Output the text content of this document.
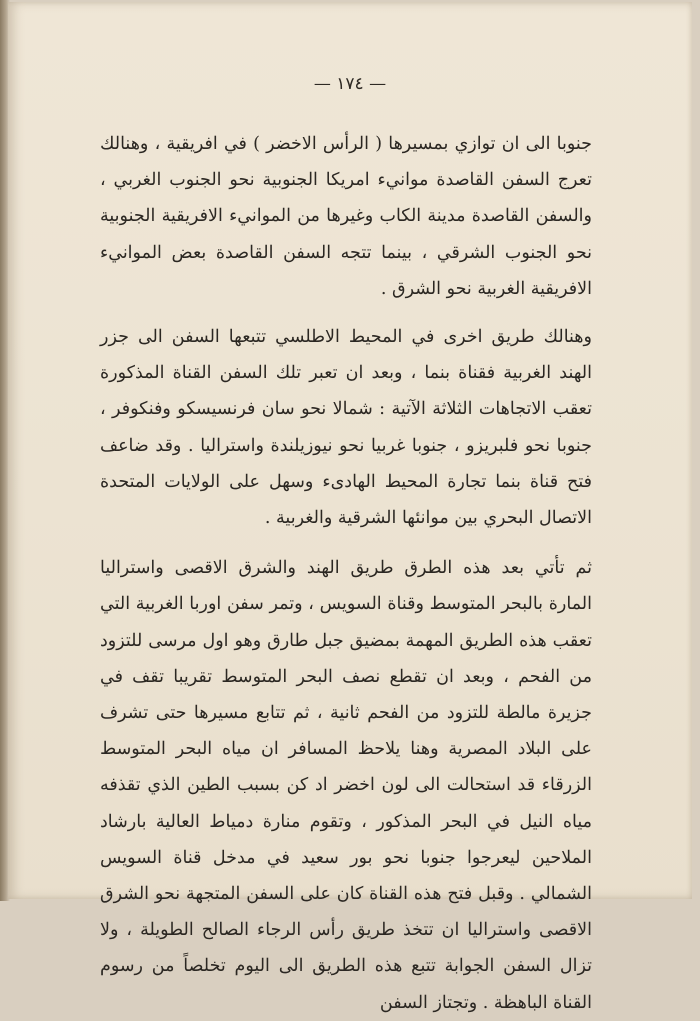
— ١٧٤ —

جنوبا الى ان توازي بمسيرها ( الرأس الاخضر ) في افريقية ، وهنالك تعرج السفن القاصدة موانيء امريكا الجنوبية نحو الجنوب الغربي ، والسفن القاصدة مدينة الكاب وغيرها من الموانيء الافريقية الجنوبية نحو الجنوب الشرقي ، بينما تتجه السفن القاصدة بعض الموانيء الافريقية الغربية نحو الشرق .

وهنالك طريق اخرى في المحيط الاطلسي تتبعها السفن الى جزر الهند الغربية فقناة بنما ، وبعد ان تعبر تلك السفن القناة المذكورة تعقب الاتجاهات الثلاثة الآتية : شمالا نحو سان فرنسيسكو وفنكوفر ، جنوبا نحو فلبريزو ، جنوبا غربيا نحو نيوزيلندة واستراليا . وقد ضاعف فتح قناة بنما تجارة المحيط الهادىء وسهل على الولايات المتحدة الاتصال البحري بين موانئها الشرقية والغربية .

ثم تأتي بعد هذه الطرق طريق الهند والشرق الاقصى واستراليا المارة بالبحر المتوسط وقناة السويس ، وتمر سفن اوربا الغربية التي تعقب هذه الطريق المهمة بمضيق جبل طارق وهو اول مرسى للتزود من الفحم ، وبعد ان تقطع نصف البحر المتوسط تقريبا تقف في جزيرة مالطة للتزود من الفحم ثانية ، ثم تتابع مسيرها حتى تشرف على البلاد المصرية وهنا يلاحظ المسافر ان مياه البحر المتوسط الزرقاء قد استحالت الى لون اخضر اد كن بسبب الطين الذي تقذفه مياه النيل في البحر المذكور ، وتقوم منارة دمياط العالية بارشاد الملاحين ليعرجوا جنوبا نحو بور سعيد في مدخل قناة السويس الشمالي . وقبل فتح هذه القناة كان على السفن المتجهة نحو الشرق الاقصى واستراليا ان تتخذ طريق رأس الرجاء الصالح الطويلة ، ولا تزال السفن الجوابة تتبع هذه الطريق الى اليوم تخلصاً من رسوم القناة الباهظة . وتجتاز السفن
